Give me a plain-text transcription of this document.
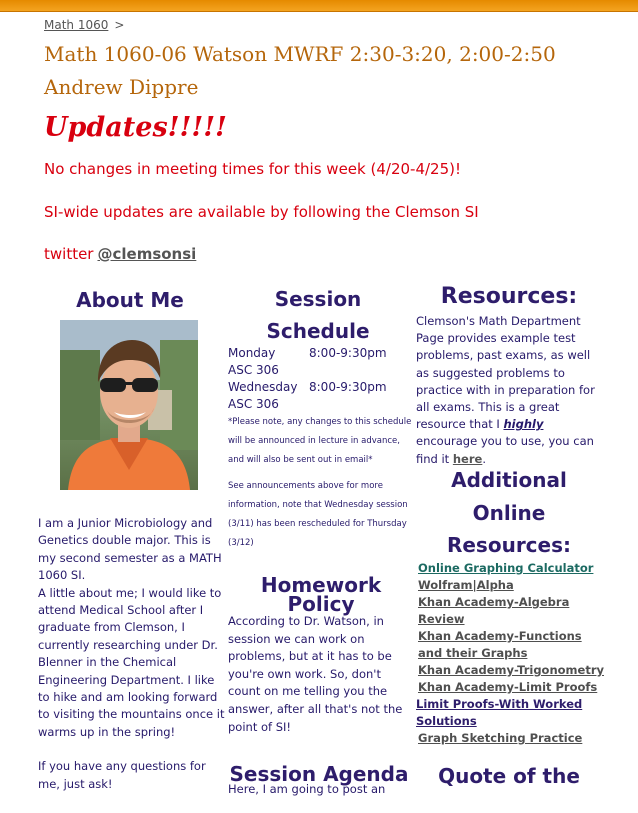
Math 1060 >
Math 1060-06 Watson MWRF 2:30-3:20, 2:00-2:50 Andrew Dippre
Updates!!!!!
No changes in meeting times for this week (4/20-4/25)!
SI-wide updates are available by following the Clemson SI
twitter @clemsonsi
About Me

I am a Junior Microbiology and Genetics double major. This is my second semester as a MATH 1060 SI.

A little about me; I would like to attend Medical School after I graduate from Clemson, I currently researching under Dr. Blenner in the Chemical Engineering Department. I like to hike and am looking forward to visiting the mountains once it warms up in the spring!

If you have any questions for me, just ask!

Session Schedule
Monday	8:00-9:30pm
ASC 306
Wednesday 8:00-9:30pm
ASC 306
*Please note, any changes to this schedule will be announced in lecture in advance, and will also be sent out in email*
See announcements above for more information, note that Wednesday session (3/11) has been rescheduled for Thursday (3/12)
Homework Policy
According to Dr. Watson, in session we can work on problems, but at it has to be you're own work. So, don't count on me telling you the answer, after all that's not the point of SI!
Session Agenda
Here, I am going to post an
Resources:
Clemson's Math Department Page provides example test problems, past exams, as well as suggested problems to practice with in preparation for all exams. This is a great resource that I highly encourage you to use, you can find it here.
Additional Online Resources:
Online Graphing Calculator
Wolfram|Alpha
Khan Academy-Algebra Review
Khan Academy-Functions and their Graphs
Khan Academy-Trigonometry
Khan Academy-Limit Proofs
Limit Proofs-With Worked Solutions
Graph Sketching Practice
Quote of the
